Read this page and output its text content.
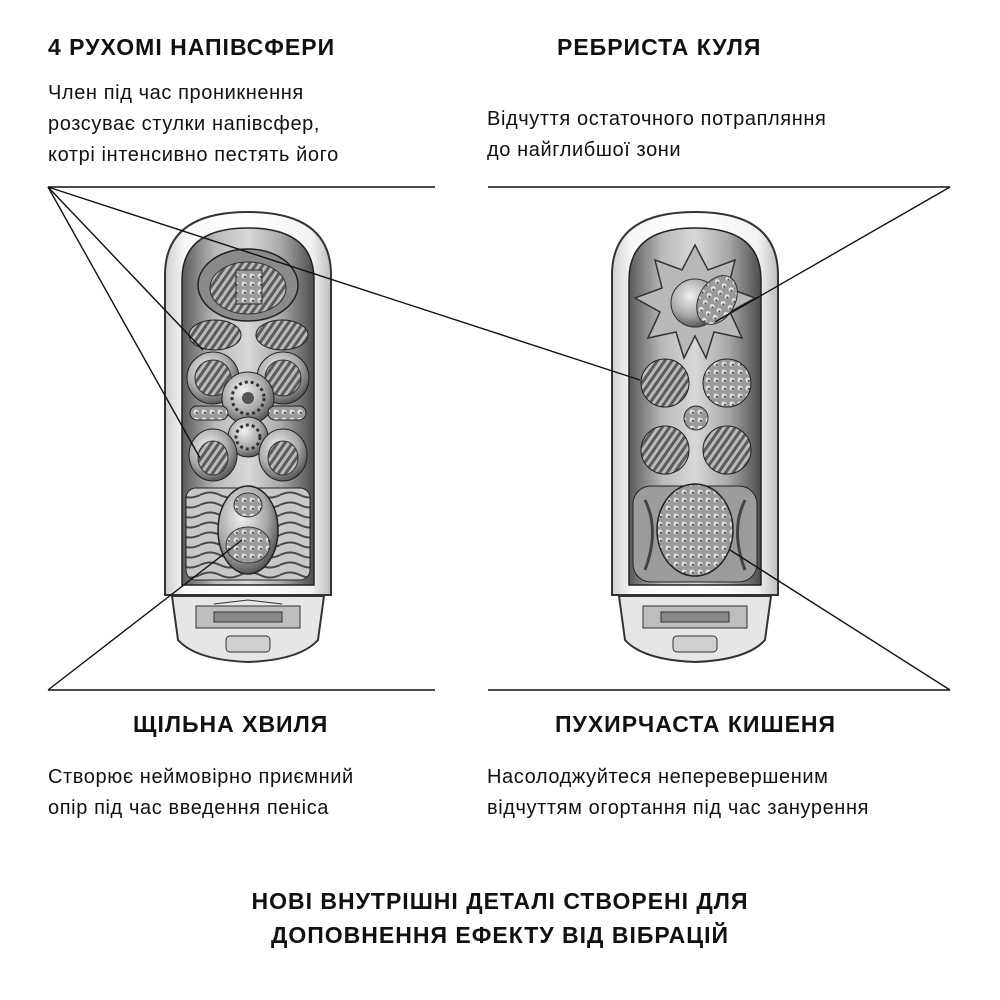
4 РУХОМІ НАПІВСФЕРИ
Член під час проникнення
розсуває стулки напівсфер,
котрі інтенсивно пестять його
РЕБРИСТА КУЛЯ
Відчуття остаточного потрапляння
до найглибшої зони
ЩІЛЬНА ХВИЛЯ
Створює неймовірно приємний
опір під час введення пеніса
ПУХИРЧАСТА КИШЕНЯ
Насолоджуйтеся неперевершеним
відчуттям огортання під час занурення
НОВІ ВНУТРІШНІ ДЕТАЛІ СТВОРЕНІ ДЛЯ
ДОПОВНЕННЯ ЕФЕКТУ ВІД ВІБРАЦІЙ
